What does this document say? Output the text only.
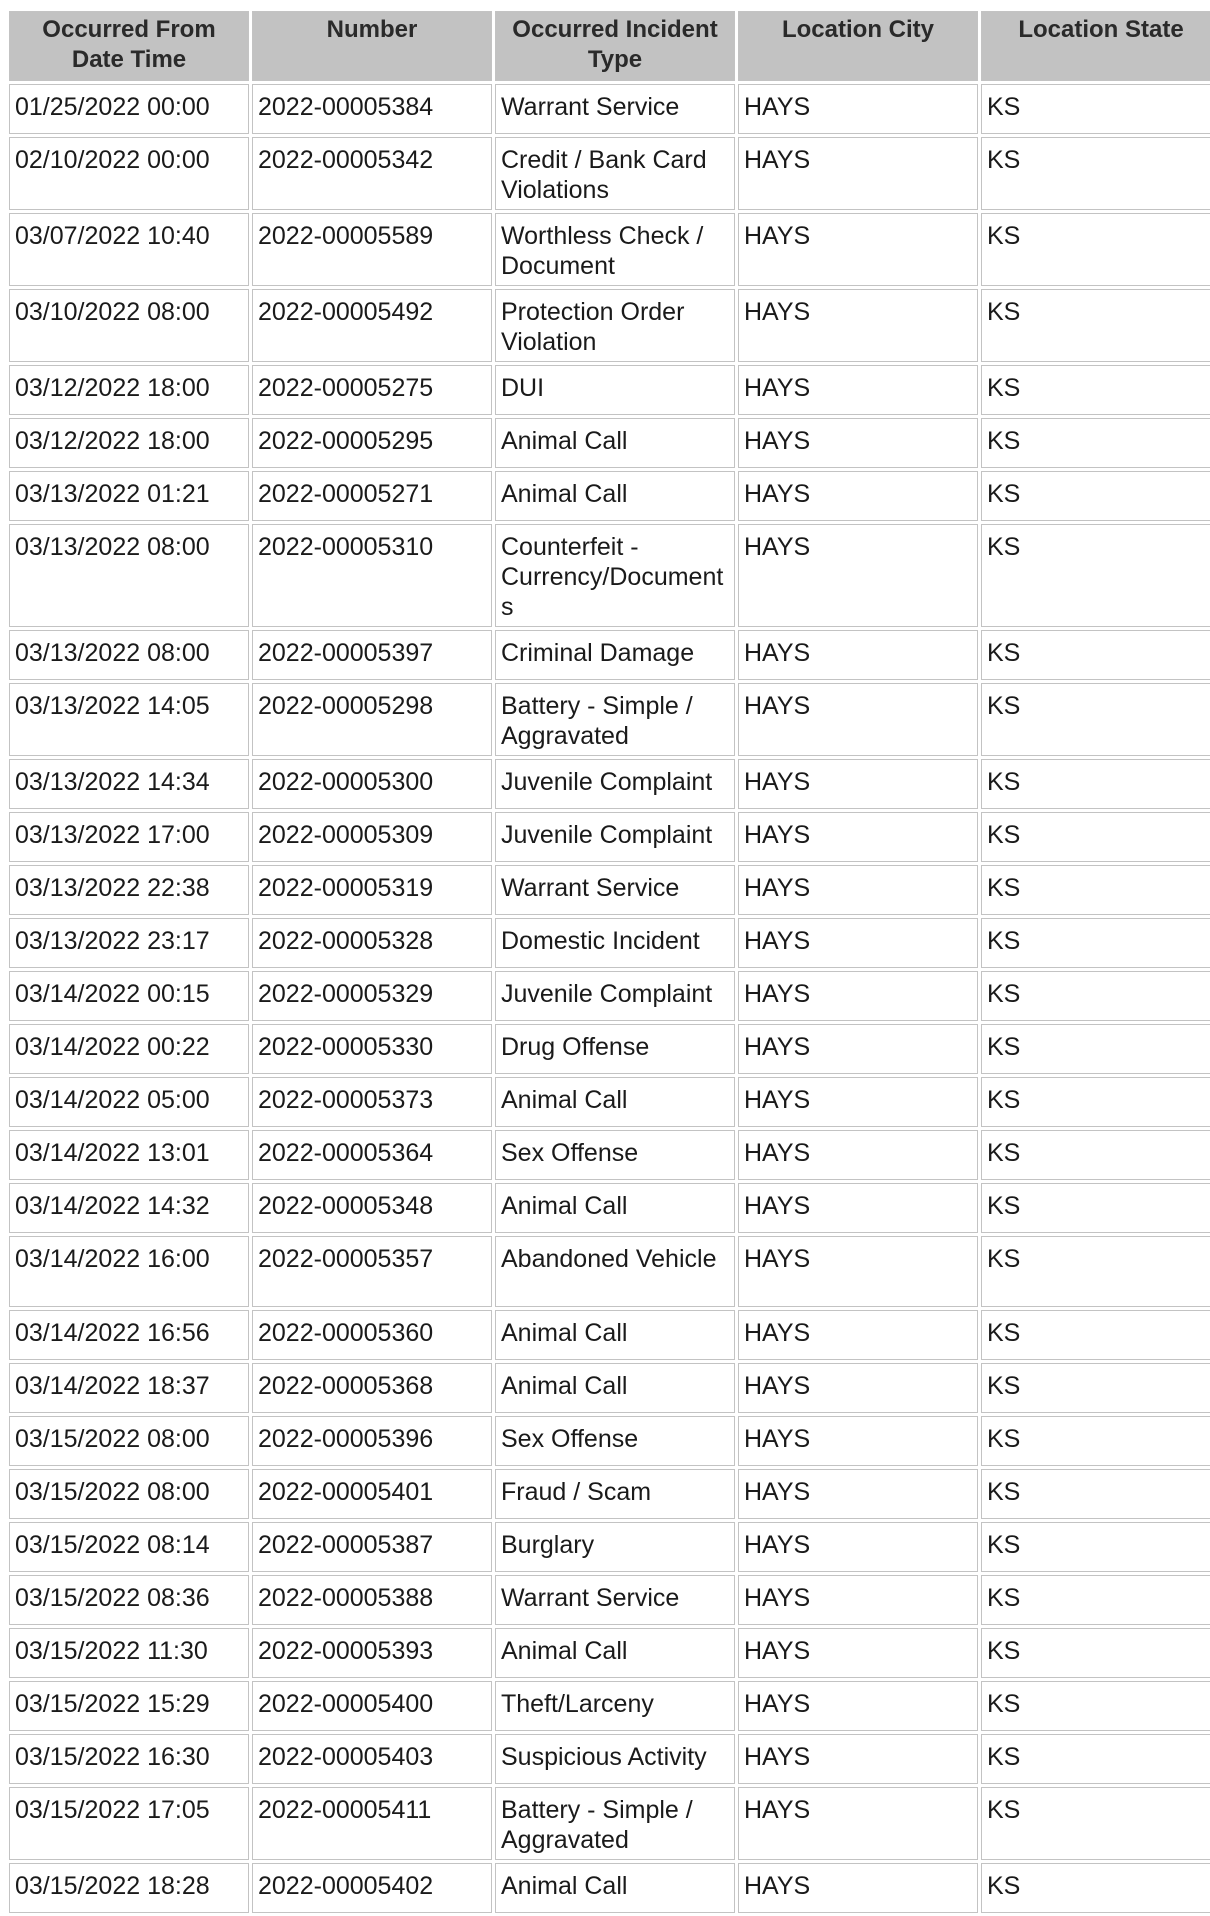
Occurred From Date Time	Number	Occurred Incident Type	Location City	Location State
01/25/2022 00:00	2022-00005384	Warrant Service	HAYS	KS
02/10/2022 00:00	2022-00005342	Credit / Bank Card Violations	HAYS	KS
03/07/2022 10:40	2022-00005589	Worthless Check / Document	HAYS	KS
03/10/2022 08:00	2022-00005492	Protection Order Violation	HAYS	KS
03/12/2022 18:00	2022-00005275	DUI	HAYS	KS
03/12/2022 18:00	2022-00005295	Animal Call	HAYS	KS
03/13/2022 01:21	2022-00005271	Animal Call	HAYS	KS
03/13/2022 08:00	2022-00005310	Counterfeit - Currency/Documents	HAYS	KS
03/13/2022 08:00	2022-00005397	Criminal Damage	HAYS	KS
03/13/2022 14:05	2022-00005298	Battery - Simple / Aggravated	HAYS	KS
03/13/2022 14:34	2022-00005300	Juvenile Complaint	HAYS	KS
03/13/2022 17:00	2022-00005309	Juvenile Complaint	HAYS	KS
03/13/2022 22:38	2022-00005319	Warrant Service	HAYS	KS
03/13/2022 23:17	2022-00005328	Domestic Incident	HAYS	KS
03/14/2022 00:15	2022-00005329	Juvenile Complaint	HAYS	KS
03/14/2022 00:22	2022-00005330	Drug Offense	HAYS	KS
03/14/2022 05:00	2022-00005373	Animal Call	HAYS	KS
03/14/2022 13:01	2022-00005364	Sex Offense	HAYS	KS
03/14/2022 14:32	2022-00005348	Animal Call	HAYS	KS
03/14/2022 16:00	2022-00005357	Abandoned Vehicle	HAYS	KS
03/14/2022 16:56	2022-00005360	Animal Call	HAYS	KS
03/14/2022 18:37	2022-00005368	Animal Call	HAYS	KS
03/15/2022 08:00	2022-00005396	Sex Offense	HAYS	KS
03/15/2022 08:00	2022-00005401	Fraud / Scam	HAYS	KS
03/15/2022 08:14	2022-00005387	Burglary	HAYS	KS
03/15/2022 08:36	2022-00005388	Warrant Service	HAYS	KS
03/15/2022 11:30	2022-00005393	Animal Call	HAYS	KS
03/15/2022 15:29	2022-00005400	Theft/Larceny	HAYS	KS
03/15/2022 16:30	2022-00005403	Suspicious Activity	HAYS	KS
03/15/2022 17:05	2022-00005411	Battery - Simple / Aggravated	HAYS	KS
03/15/2022 18:28	2022-00005402	Animal Call	HAYS	KS
